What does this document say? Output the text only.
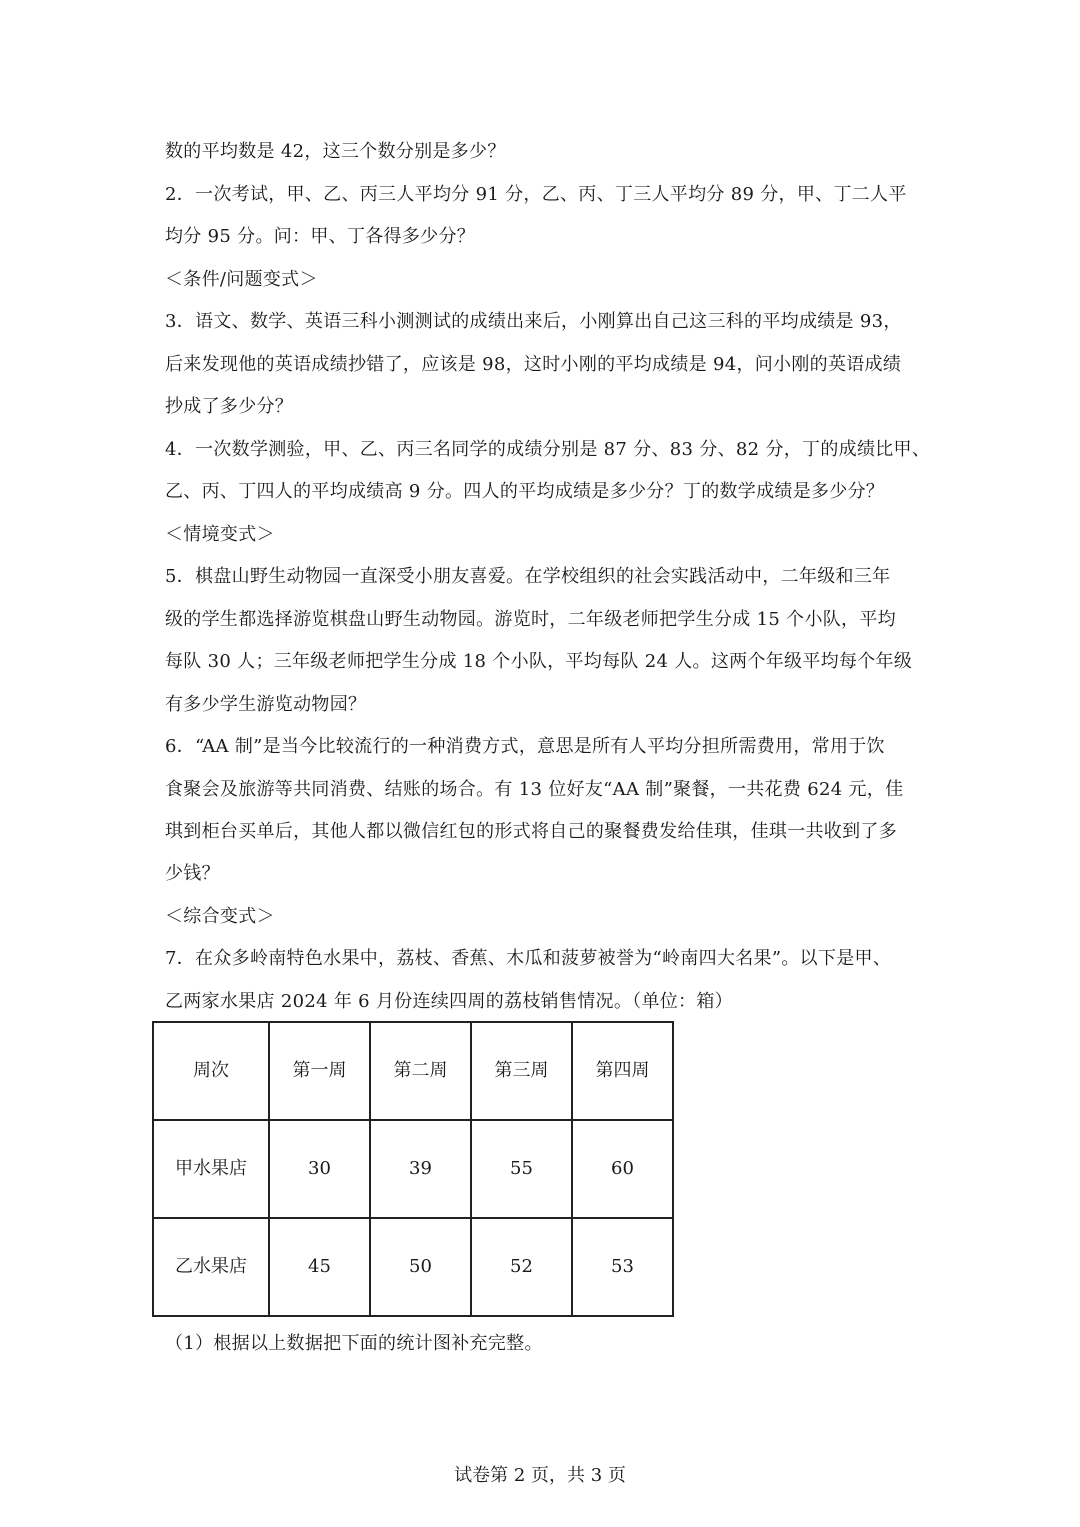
数的平均数是 42，这三个数分别是多少？
2．一次考试，甲、乙、丙三人平均分 91 分，乙、丙、丁三人平均分 89 分，甲、丁二人平
均分 95 分。问：甲、丁各得多少分？
＜条件/问题变式＞
3．语文、数学、英语三科小测测试的成绩出来后，小刚算出自己这三科的平均成绩是 93，
后来发现他的英语成绩抄错了，应该是 98，这时小刚的平均成绩是 94，问小刚的英语成绩
抄成了多少分？
4．一次数学测验，甲、乙、丙三名同学的成绩分别是 87 分、83 分、82 分，丁的成绩比甲、
乙、丙、丁四人的平均成绩高 9 分。四人的平均成绩是多少分？丁的数学成绩是多少分？
＜情境变式＞
5．棋盘山野生动物园一直深受小朋友喜爱。在学校组织的社会实践活动中，二年级和三年
级的学生都选择游览棋盘山野生动物园。游览时，二年级老师把学生分成 15 个小队，平均
每队 30 人；三年级老师把学生分成 18 个小队，平均每队 24 人。这两个年级平均每个年级
有多少学生游览动物园？
6．“AA 制”是当今比较流行的一种消费方式，意思是所有人平均分担所需费用，常用于饮
食聚会及旅游等共同消费、结账的场合。有 13 位好友“AA 制”聚餐，一共花费 624 元，佳
琪到柜台买单后，其他人都以微信红包的形式将自己的聚餐费发给佳琪，佳琪一共收到了多
少钱？
＜综合变式＞
7．在众多岭南特色水果中，荔枝、香蕉、木瓜和菠萝被誉为“岭南四大名果”。以下是甲、
乙两家水果店 2024 年 6 月份连续四周的荔枝销售情况。（单位：箱）
周次	第一周	第二周	第三周	第四周
甲水果店	30	39	55	60
乙水果店	45	50	52	53
（1）根据以上数据把下面的统计图补充完整。
试卷第 2 页，共 3 页
